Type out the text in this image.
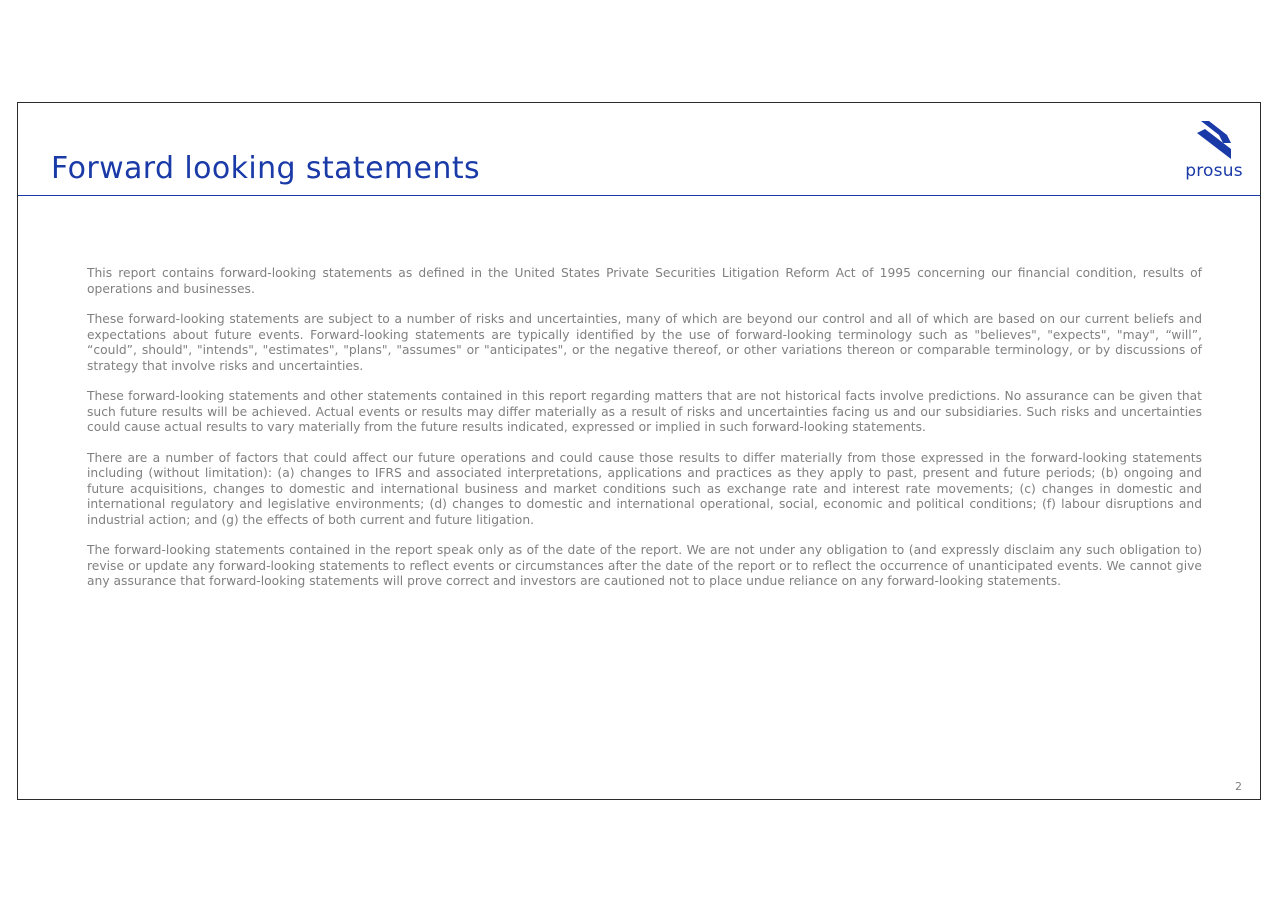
Forward looking statements	prosus

This report contains forward-looking statements as defined in the United States Private Securities Litigation Reform Act of 1995 concerning our financial condition, results of operations and businesses.

These forward-looking statements are subject to a number of risks and uncertainties, many of which are beyond our control and all of which are based on our current beliefs and expectations about future events. Forward-looking statements are typically identified by the use of forward-looking terminology such as "believes", "expects", "may", “will”, “could”, should", "intends", "estimates", "plans", "assumes" or "anticipates", or the negative thereof, or other variations thereon or comparable terminology, or by discussions of strategy that involve risks and uncertainties.

These forward-looking statements and other statements contained in this report regarding matters that are not historical facts involve predictions. No assurance can be given that such future results will be achieved. Actual events or results may differ materially as a result of risks and uncertainties facing us and our subsidiaries. Such risks and uncertainties could cause actual results to vary materially from the future results indicated, expressed or implied in such forward-looking statements.

There are a number of factors that could affect our future operations and could cause those results to differ materially from those expressed in the forward-looking statements including (without limitation): (a) changes to IFRS and associated interpretations, applications and practices as they apply to past, present and future periods; (b) ongoing and future acquisitions, changes to domestic and international business and market conditions such as exchange rate and interest rate movements; (c) changes in domestic and international regulatory and legislative environments; (d) changes to domestic and international operational, social, economic and political conditions; (f) labour disruptions and industrial action; and (g) the effects of both current and future litigation.

The forward-looking statements contained in the report speak only as of the date of the report. We are not under any obligation to (and expressly disclaim any such obligation to) revise or update any forward-looking statements to reflect events or circumstances after the date of the report or to reflect the occurrence of unanticipated events. We cannot give any assurance that forward-looking statements will prove correct and investors are cautioned not to place undue reliance on any forward-looking statements.

2
